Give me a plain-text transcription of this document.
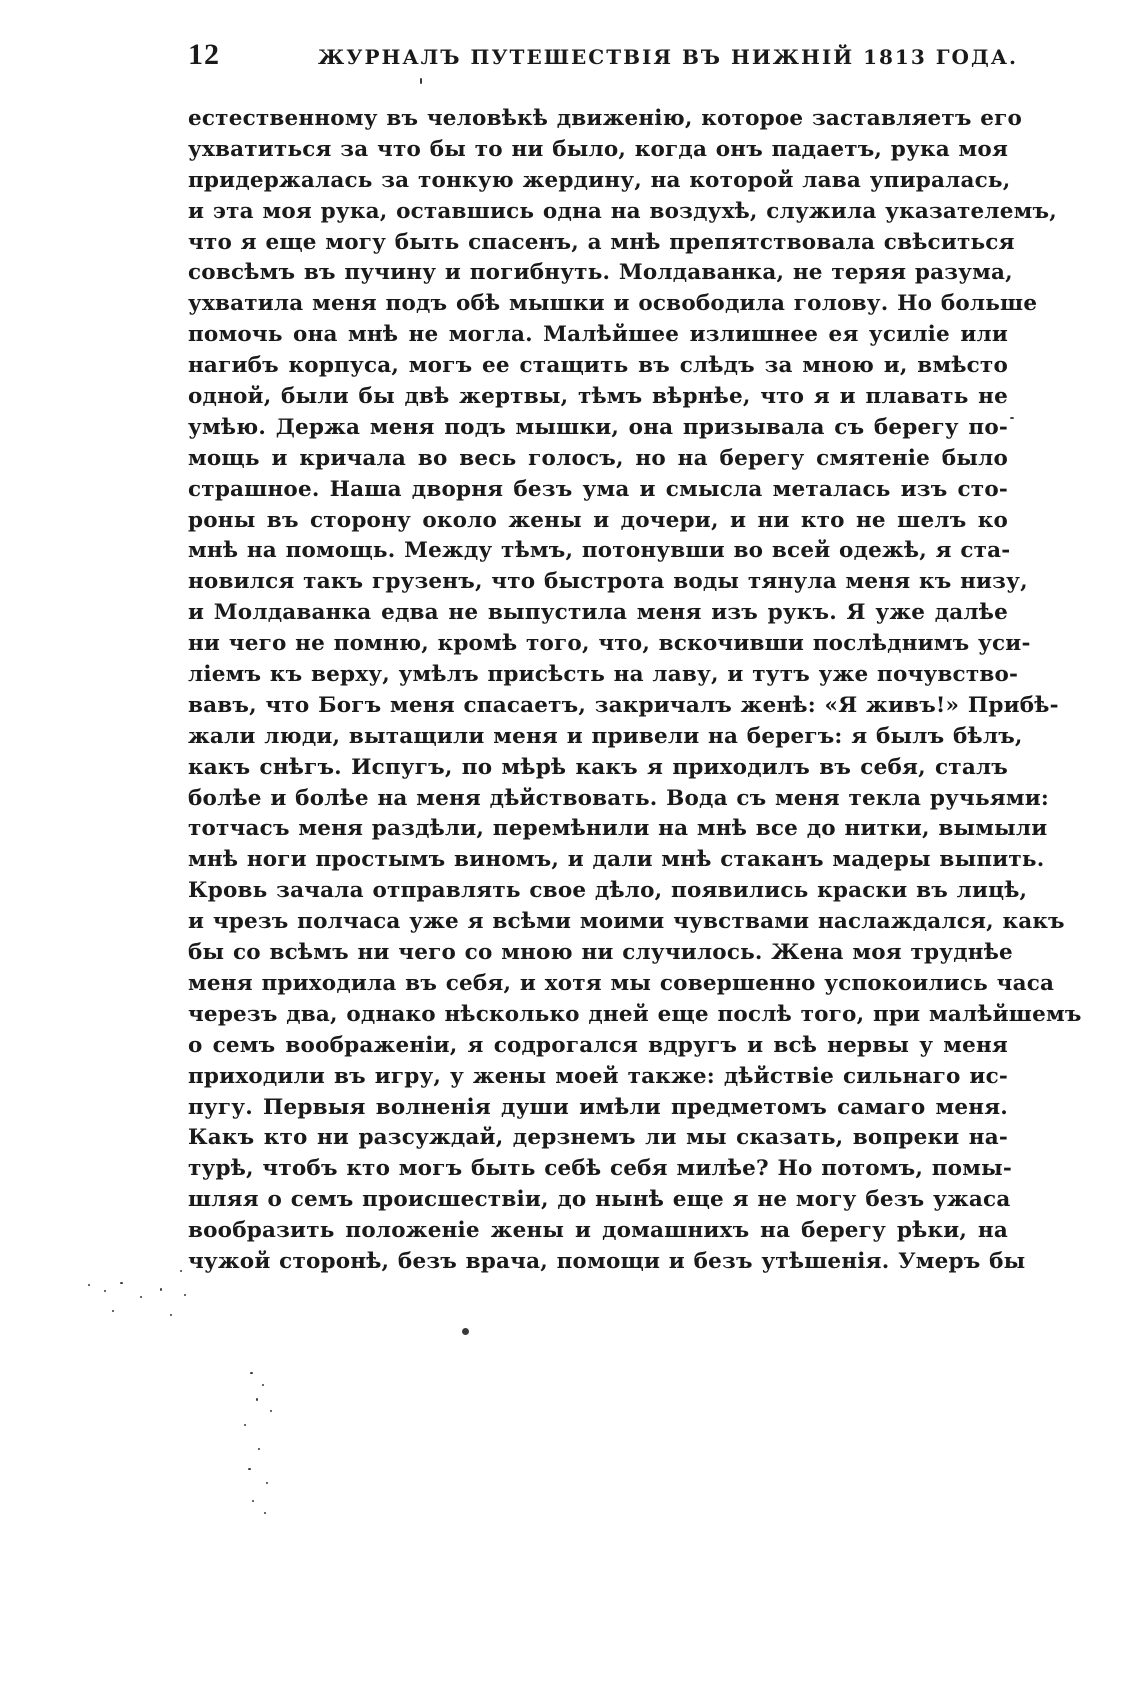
12	ЖУРНАЛЪ ПУТЕШЕСТВІЯ ВЪ НИЖНІЙ 1813 ГОДА.
естественному въ человѣкѣ движенію, которое заставляетъ его
ухватиться за что бы то ни было, когда онъ падаетъ, рука моя
придержалась за тонкую жердину, на которой лава упиралась,
и эта моя рука, оставшись одна на воздухѣ, служила указателемъ,
что я еще могу быть спасенъ, а мнѣ препятствовала свѣситься
совсѣмъ въ пучину и погибнуть. Молдаванка, не теряя разума,
ухватила меня подъ обѣ мышки и освободила голову. Но больше
помочь она мнѣ не могла. Малѣйшее излишнее ея усиліе или
нагибъ корпуса, могъ ее стащить въ слѣдъ за мною и, вмѣсто
одной, были бы двѣ жертвы, тѣмъ вѣрнѣе, что я и плавать не
умѣю. Держа меня подъ мышки, она призывала съ берегу по-
мощь и кричала во весь голосъ, но на берегу смятеніе было
страшное. Наша дворня безъ ума и смысла металась изъ сто-
роны въ сторону около жены и дочери, и ни кто не шелъ ко
мнѣ на помощь. Между тѣмъ, потонувши во всей одежѣ, я ста-
новился такъ грузенъ, что быстрота воды тянула меня къ низу,
и Молдаванка едва не выпустила меня изъ рукъ. Я уже далѣе
ни чего не помню, кромѣ того, что, вскочивши послѣднимъ уси-
ліемъ къ верху, умѣлъ присѣсть на лаву, и тутъ уже почувство-
вавъ, что Богъ меня спасаетъ, закричалъ женѣ: «Я живъ!» Прибѣ-
жали люди, вытащили меня и привели на берегъ: я былъ бѣлъ,
какъ снѣгъ. Испугъ, по мѣрѣ какъ я приходилъ въ себя, сталъ
болѣе и болѣе на меня дѣйствовать. Вода съ меня текла ручьями:
тотчасъ меня раздѣли, перемѣнили на мнѣ все до нитки, вымыли
мнѣ ноги простымъ виномъ, и дали мнѣ стаканъ мадеры выпить.
Кровь зачала отправлять свое дѣло, появились краски въ лицѣ,
и чрезъ полчаса уже я всѣми моими чувствами наслаждался, какъ
бы со всѣмъ ни чего со мною ни случилось. Жена моя труднѣе
меня приходила въ себя, и хотя мы совершенно успокоились часа
черезъ два, однако нѣсколько дней еще послѣ того, при малѣйшемъ
о семъ воображеніи, я содрогался вдругъ и всѣ нервы у меня
приходили въ игру, у жены моей также: дѣйствіе сильнаго ис-
пугу. Первыя волненія души имѣли предметомъ самаго меня.
Какъ кто ни разсуждай, дерзнемъ ли мы сказать, вопреки на-
турѣ, чтобъ кто могъ быть себѣ себя милѣе? Но потомъ, помы-
шляя о семъ происшествіи, до нынѣ еще я не могу безъ ужаса
вообразить положеніе жены и домашнихъ на берегу рѣки, на
чужой сторонѣ, безъ врача, помощи и безъ утѣшенія. Умеръ бы
